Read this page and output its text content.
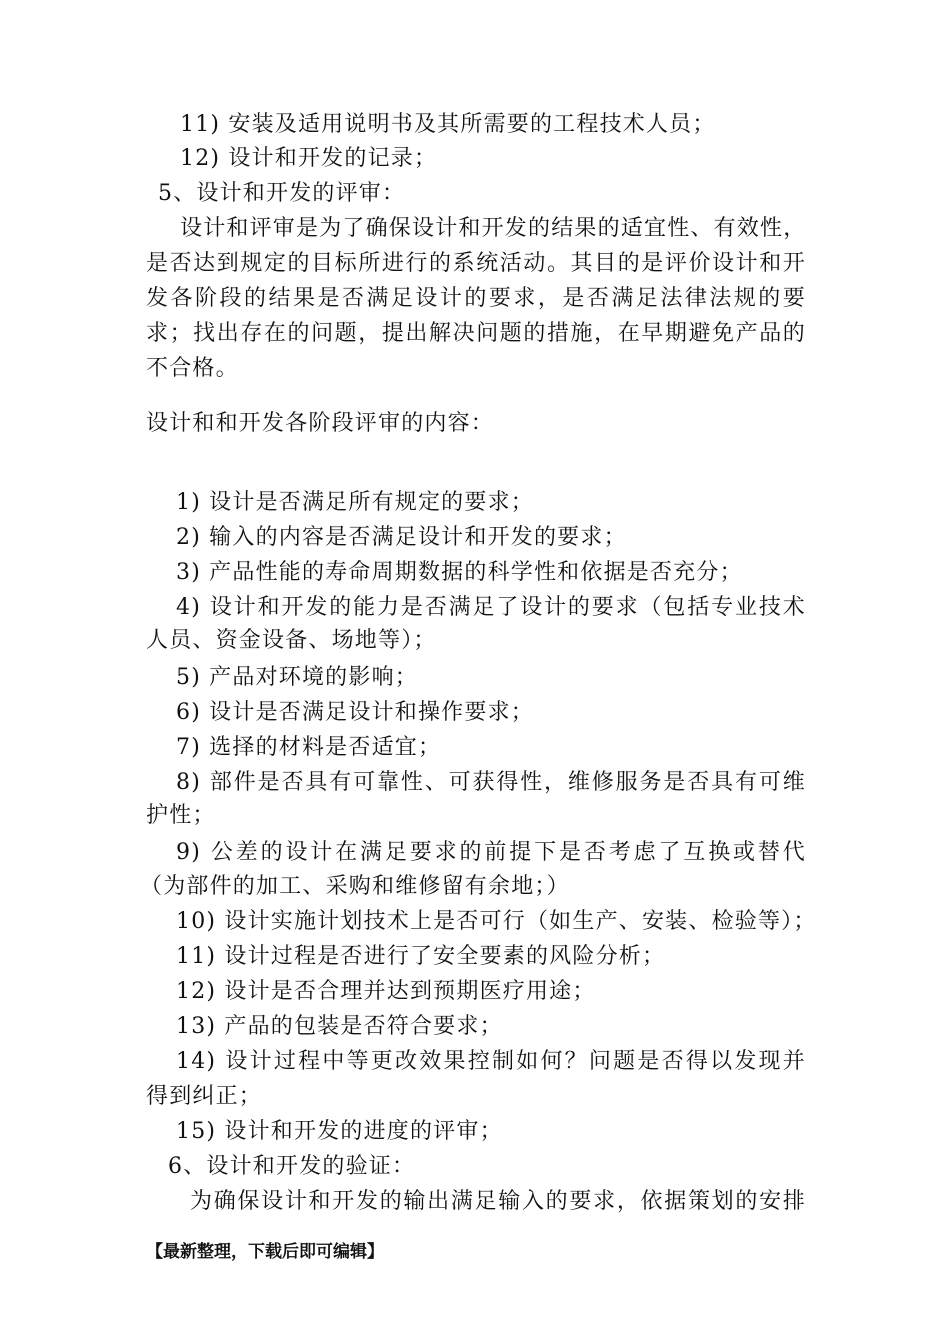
11) 安装及适用说明书及其所需要的工程技术人员；
12) 设计和开发的记录；
5、设计和开发的评审：
设计和评审是为了确保设计和开发的结果的适宜性、有效性，
是否达到规定的目标所进行的系统活动。其目的是评价设计和开
发各阶段的结果是否满足设计的要求，是否满足法律法规的要
求；找出存在的问题，提出解决问题的措施，在早期避免产品的
不合格。
设计和和开发各阶段评审的内容：
1) 设计是否满足所有规定的要求；
2) 输入的内容是否满足设计和开发的要求；
3) 产品性能的寿命周期数据的科学性和依据是否充分；
4) 设计和开发的能力是否满足了设计的要求（包括专业技术
人员、资金设备、场地等）；
5) 产品对环境的影响；
6) 设计是否满足设计和操作要求；
7) 选择的材料是否适宜；
8) 部件是否具有可靠性、可获得性，维修服务是否具有可维
护性；
9) 公差的设计在满足要求的前提下是否考虑了互换或替代
（为部件的加工、采购和维修留有余地；）
10) 设计实施计划技术上是否可行（如生产、安装、检验等）；
11) 设计过程是否进行了安全要素的风险分析；
12) 设计是否合理并达到预期医疗用途；
13) 产品的包装是否符合要求；
14) 设计过程中等更改效果控制如何？问题是否得以发现并
得到纠正；
15) 设计和开发的进度的评审；
6、设计和开发的验证：
为确保设计和开发的输出满足输入的要求，依据策划的安排
【最新整理，下载后即可编辑】
